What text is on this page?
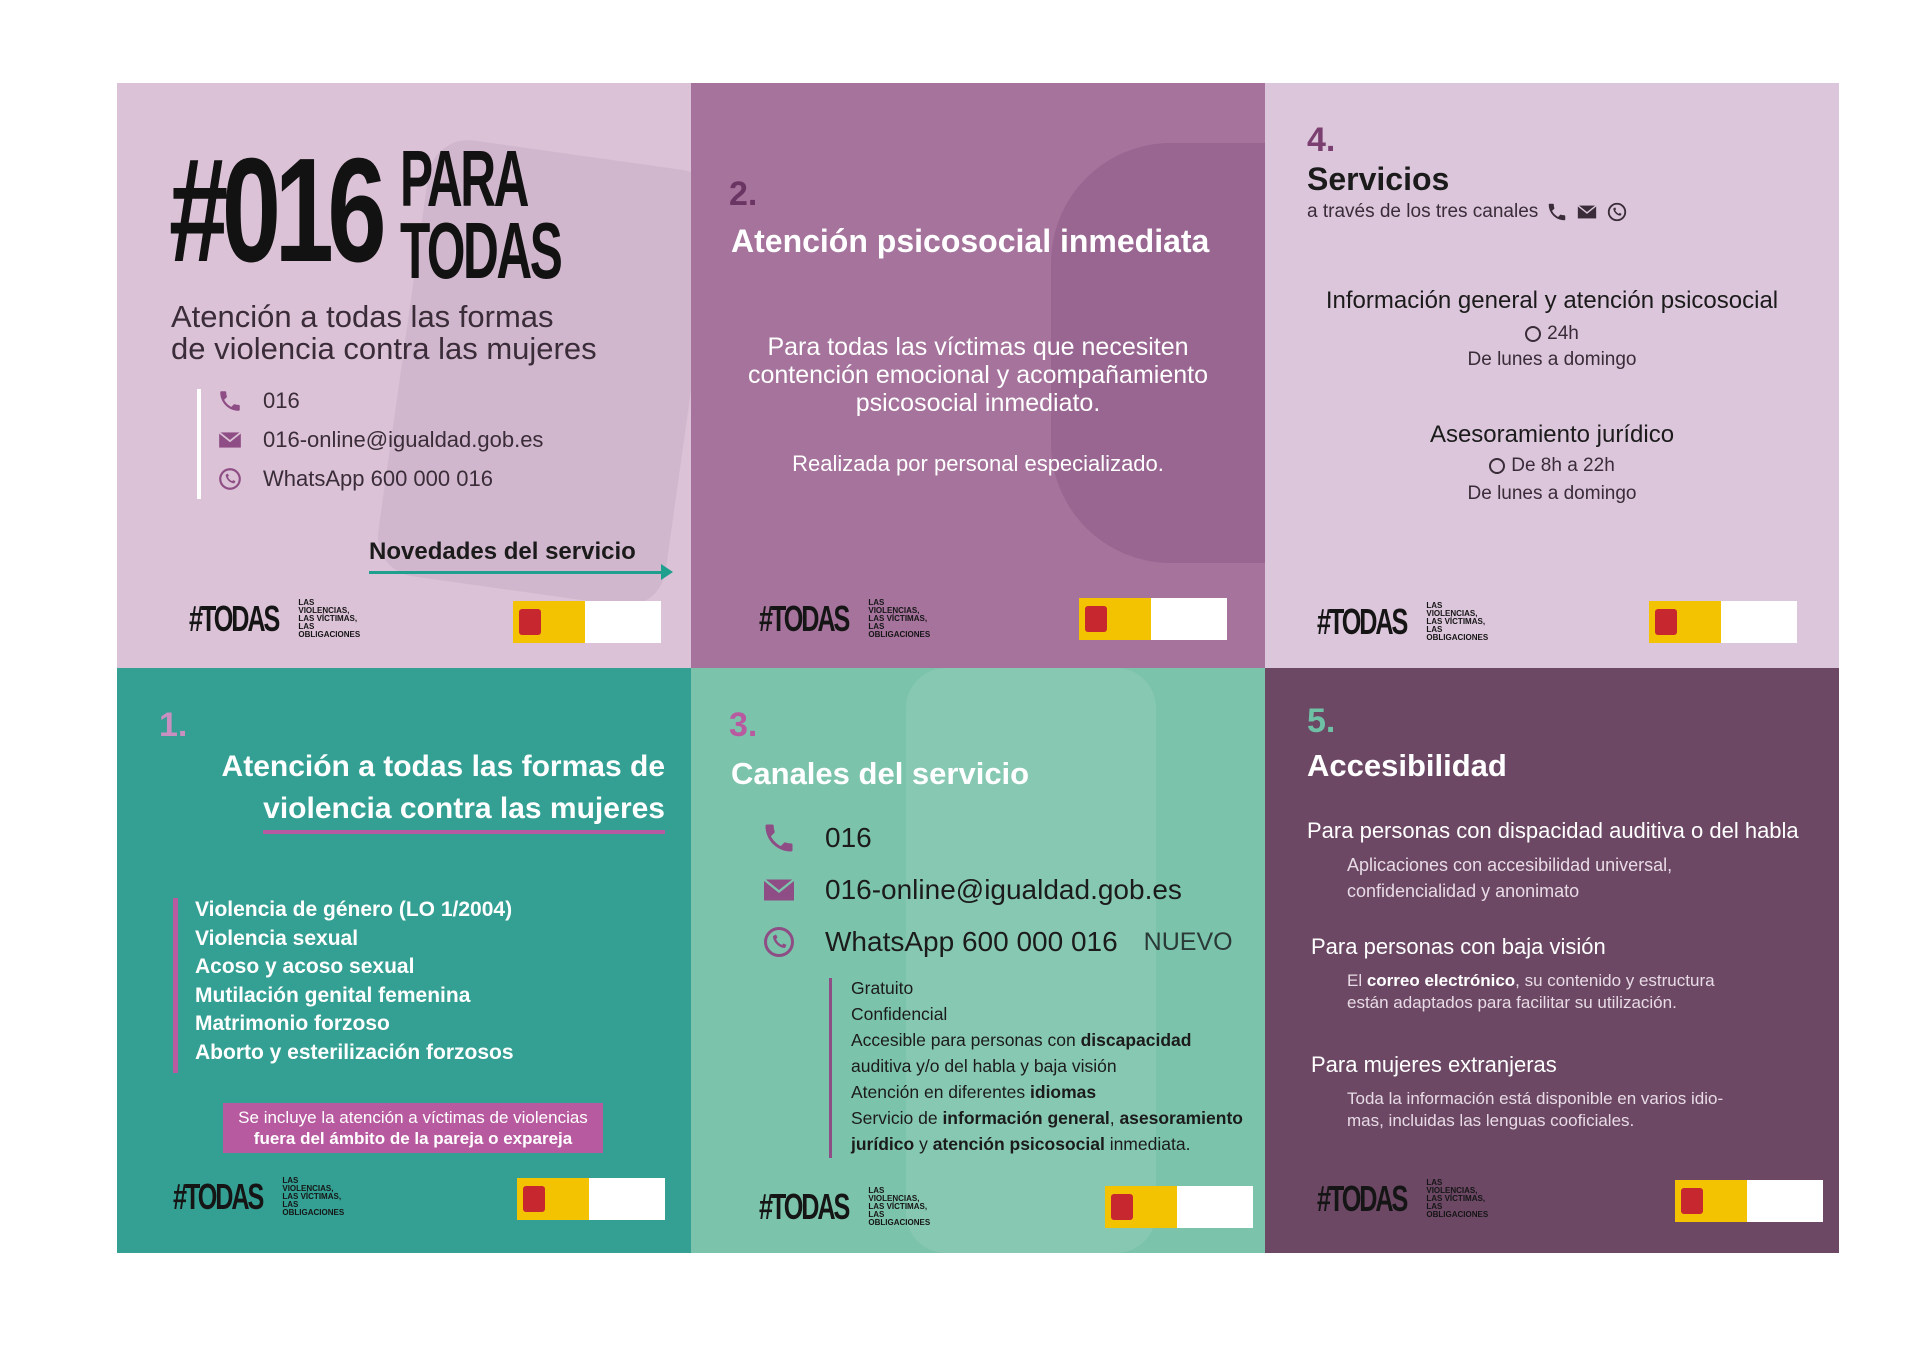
#016 PARA
TODAS
Atención a todas las formas
de violencia contra las mujeres
016
016-online@igualdad.gob.es
WhatsApp 600 000 016
Novedades del servicio
#TODAS	LAS VIOLENCIAS,
LAS VÍCTIMAS,
LAS OBLIGACIONES
2.
Atención psicosocial inmediata
Para todas las víctimas que necesiten
contención emocional y acompañamiento
psicosocial inmediato.
Realizada por personal especializado.
#TODAS	LAS VIOLENCIAS,
LAS VÍCTIMAS,
LAS OBLIGACIONES
4.
Servicios
a través de los tres canales
Información general y atención psicosocial
24h
De lunes a domingo
Asesoramiento jurídico
De 8h a 22h
De lunes a domingo
#TODAS	LAS VIOLENCIAS,
LAS VÍCTIMAS,
LAS OBLIGACIONES
1.
Atención a todas las formas de
violencia contra las mujeres
Violencia de género (LO 1/2004)
Violencia sexual
Acoso y acoso sexual
Mutilación genital femenina
Matrimonio forzoso
Aborto y esterilización forzosos
Se incluye la atención a víctimas de violencias
fuera del ámbito de la pareja o expareja
#TODAS	LAS VIOLENCIAS,
LAS VÍCTIMAS,
LAS OBLIGACIONES
3.
Canales del servicio
016
016-online@igualdad.gob.es
WhatsApp 600 000 016 NUEVO
Gratuito
Confidencial
Accesible para personas con discapacidad
auditiva y/o del habla y baja visión
Atención en diferentes idiomas
Servicio de información general, asesoramiento
jurídico y atención psicosocial inmediata.
#TODAS	LAS VIOLENCIAS,
LAS VÍCTIMAS,
LAS OBLIGACIONES
5.
Accesibilidad
Para personas con dispacidad auditiva o del habla
Aplicaciones con accesibilidad universal,
confidencialidad y anonimato
Para personas con baja visión
El correo electrónico, su contenido y estructura
están adaptados para facilitar su utilización.
Para mujeres extranjeras
Toda la información está disponible en varios idio-
mas, incluidas las lenguas cooficiales.
#TODAS	LAS VIOLENCIAS,
LAS VÍCTIMAS,
LAS OBLIGACIONES
